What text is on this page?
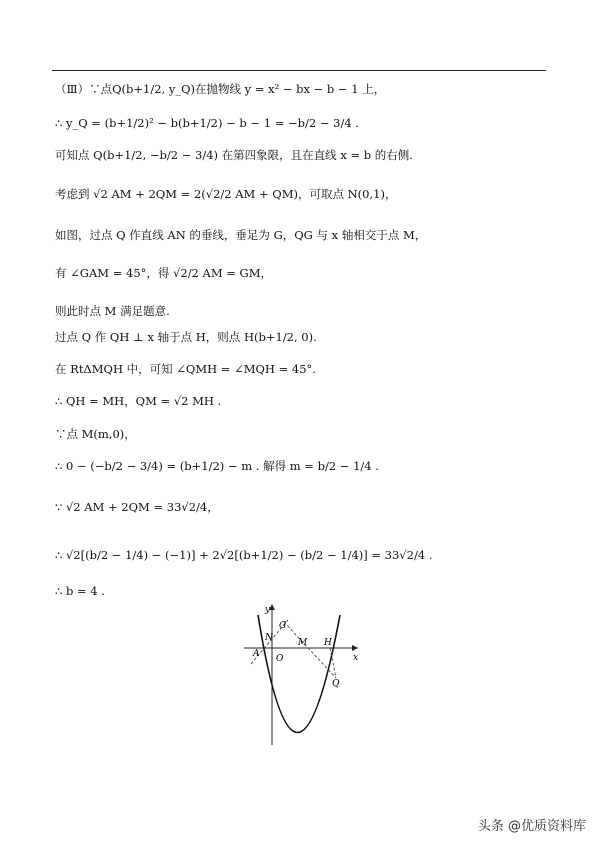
（Ⅲ）∵点Q(b+1/2, y_Q)在抛物线 y = x² − bx − b − 1 上，
∴ y_Q = (b+1/2)² − b(b+1/2) − b − 1 = −b/2 − 3/4 .
可知点 Q(b+1/2, −b/2 − 3/4) 在第四象限，且在直线 x = b 的右侧.
考虑到 √2 AM + 2QM = 2(√2/2 AM + QM)，可取点 N(0,1)，
如图，过点 Q 作直线 AN 的垂线，垂足为 G，QG 与 x 轴相交于点 M，
有 ∠GAM = 45°，得 √2/2 AM = GM，
则此时点 M 满足题意.
过点 Q 作 QH ⊥ x 轴于点 H，则点 H(b+1/2, 0).
在 RtΔMQH 中，可知 ∠QMH = ∠MQH = 45°.
∴ QH = MH，QM = √2 MH .
∵点 M(m,0)，
∴ 0 − (−b/2 − 3/4) = (b+1/2) − m . 解得 m = b/2 − 1/4 .
∵ √2 AM + 2QM = 33√2/4，
∴ √2[(b/2 − 1/4) − (−1)] + 2√2[(b+1/2) − (b/2 − 1/4)] = 33√2/4 .
∴ b = 4 .
y
x
O
A
N
G
M H
Q
头条 @优质资料库
